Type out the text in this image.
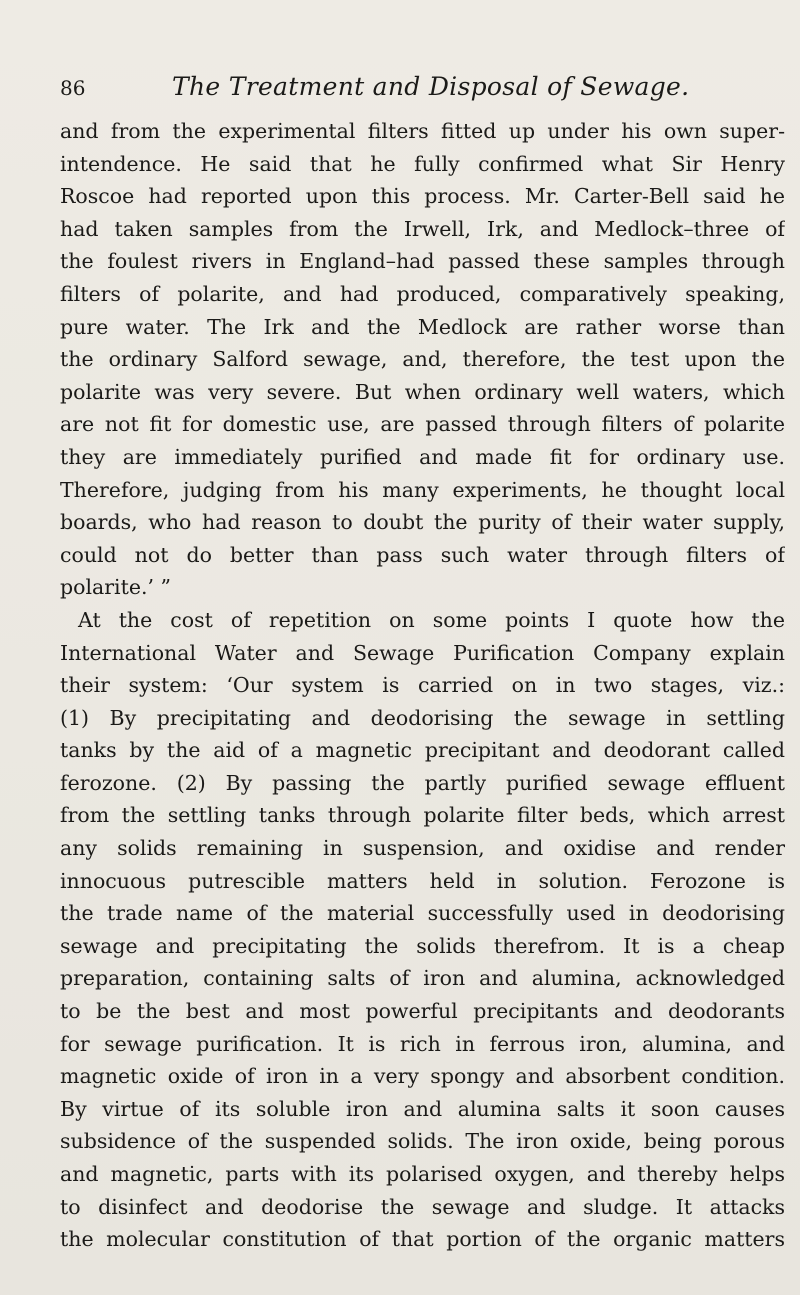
86	The Treatment and Disposal of Sewage.
and from the experimental filters fitted up under his own super-
intendence. He said that he fully confirmed what Sir Henry
Roscoe had reported upon this process. Mr. Carter-Bell said he
had taken samples from the Irwell, Irk, and Medlock–three of
the foulest rivers in England–had passed these samples through
filters of polarite, and had produced, comparatively speaking,
pure water. The Irk and the Medlock are rather worse than
the ordinary Salford sewage, and, therefore, the test upon the
polarite was very severe. But when ordinary well waters, which
are not fit for domestic use, are passed through filters of polarite
they are immediately purified and made fit for ordinary use.
Therefore, judging from his many experiments, he thought local
boards, who had reason to doubt the purity of their water supply,
could not do better than pass such water through filters of
polarite.’ ”
At the cost of repetition on some points I quote how the
International Water and Sewage Purification Company explain
their system: ‘Our system is carried on in two stages, viz.:
(1) By precipitating and deodorising the sewage in settling
tanks by the aid of a magnetic precipitant and deodorant called
ferozone. (2) By passing the partly purified sewage effluent
from the settling tanks through polarite filter beds, which arrest
any solids remaining in suspension, and oxidise and render
innocuous putrescible matters held in solution. Ferozone is
the trade name of the material successfully used in deodorising
sewage and precipitating the solids therefrom. It is a cheap
preparation, containing salts of iron and alumina, acknowledged
to be the best and most powerful precipitants and deodorants
for sewage purification. It is rich in ferrous iron, alumina, and
magnetic oxide of iron in a very spongy and absorbent condition.
By virtue of its soluble iron and alumina salts it soon causes
subsidence of the suspended solids. The iron oxide, being porous
and magnetic, parts with its polarised oxygen, and thereby helps
to disinfect and deodorise the sewage and sludge. It attacks
the molecular constitution of that portion of the organic matters
